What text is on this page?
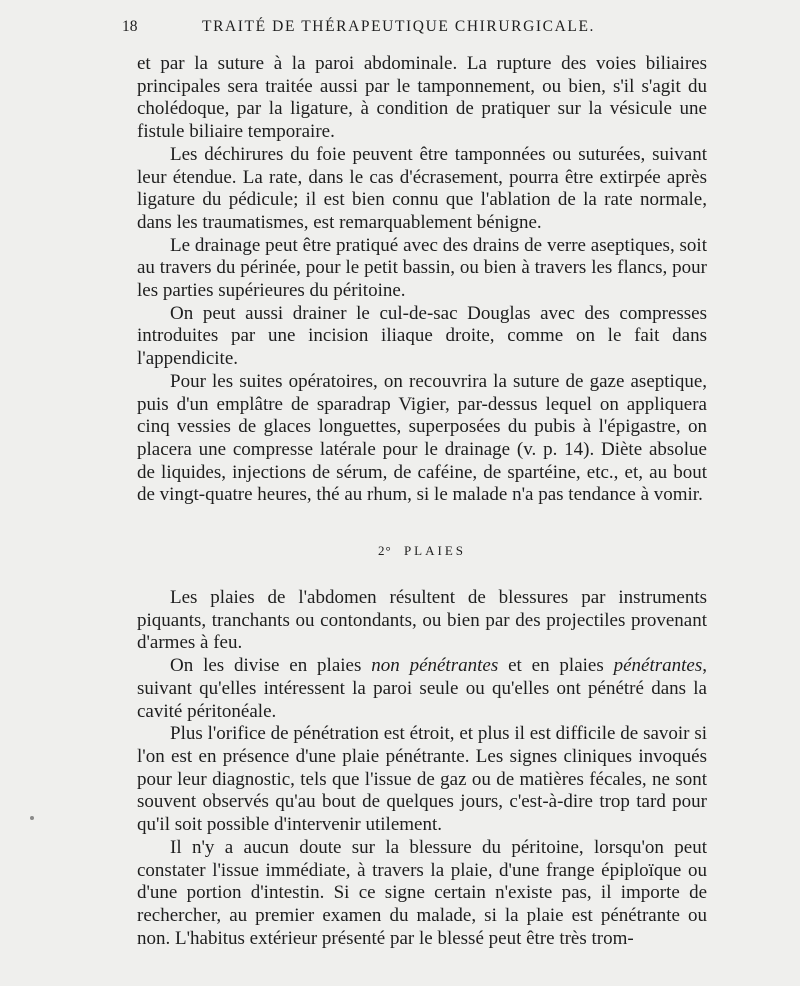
18	TRAITÉ DE THÉRAPEUTIQUE CHIRURGICALE.

et par la suture à la paroi abdominale. La rupture des voies biliaires principales sera traitée aussi par le tamponnement, ou bien, s'il s'agit du cholédoque, par la ligature, à condition de pratiquer sur la vésicule une fistule biliaire temporaire.

Les déchirures du foie peuvent être tamponnées ou suturées, suivant leur étendue. La rate, dans le cas d'écrasement, pourra être extirpée après ligature du pédicule; il est bien connu que l'ablation de la rate normale, dans les traumatismes, est remarquablement bénigne.

Le drainage peut être pratiqué avec des drains de verre aseptiques, soit au travers du périnée, pour le petit bassin, ou bien à travers les flancs, pour les parties supérieures du péritoine.

On peut aussi drainer le cul-de-sac Douglas avec des compresses introduites par une incision iliaque droite, comme on le fait dans l'appendicite.

Pour les suites opératoires, on recouvrira la suture de gaze aseptique, puis d'un emplâtre de sparadrap Vigier, par-dessus lequel on appliquera cinq vessies de glaces longuettes, superposées du pubis à l'épigastre, on placera une compresse latérale pour le drainage (v. p. 14). Diète absolue de liquides, injections de sérum, de caféine, de spartéine, etc., et, au bout de vingt-quatre heures, thé au rhum, si le malade n'a pas tendance à vomir.

2° PLAIES

Les plaies de l'abdomen résultent de blessures par instruments piquants, tranchants ou contondants, ou bien par des projectiles provenant d'armes à feu.

On les divise en plaies non pénétrantes et en plaies pénétrantes, suivant qu'elles intéressent la paroi seule ou qu'elles ont pénétré dans la cavité péritonéale.

Plus l'orifice de pénétration est étroit, et plus il est difficile de savoir si l'on est en présence d'une plaie pénétrante. Les signes cliniques invoqués pour leur diagnostic, tels que l'issue de gaz ou de matières fécales, ne sont souvent observés qu'au bout de quelques jours, c'est-à-dire trop tard pour qu'il soit possible d'intervenir utilement.

Il n'y a aucun doute sur la blessure du péritoine, lorsqu'on peut constater l'issue immédiate, à travers la plaie, d'une frange épiploïque ou d'une portion d'intestin. Si ce signe certain n'existe pas, il importe de rechercher, au premier examen du malade, si la plaie est pénétrante ou non. L'habitus extérieur présenté par le blessé peut être très trom-
